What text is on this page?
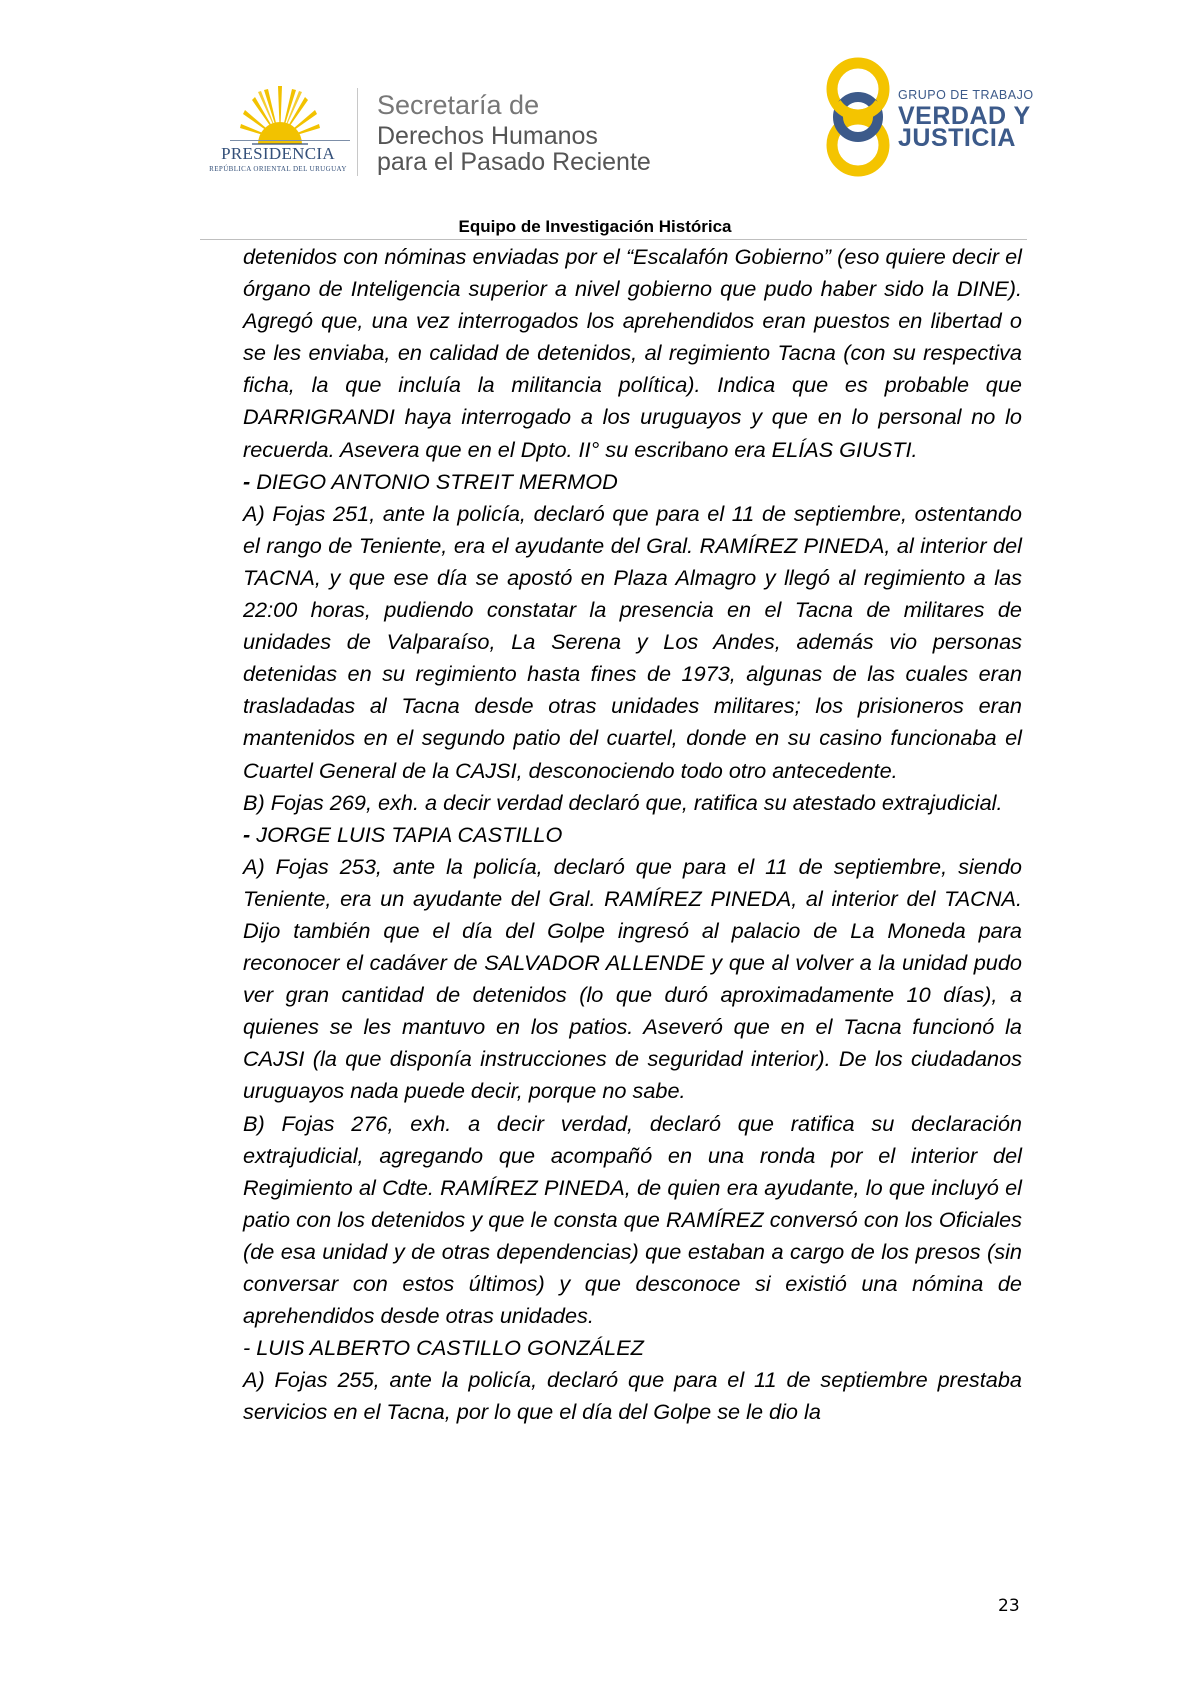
PRESIDENCIA
REPÚBLICA ORIENTAL DEL URUGUAY
Secretaría de
Derechos Humanos
para el Pasado Reciente
GRUPO DE TRABAJO
VERDAD Y
JUSTICIA
Equipo de Investigación Histórica

detenidos con nóminas enviadas por el “Escalafón Gobierno” (eso quiere decir el órgano de Inteligencia superior a nivel gobierno que pudo haber sido la DINE). Agregó que, una vez interrogados los aprehendidos eran puestos en libertad o se les enviaba, en calidad de detenidos, al regimiento Tacna (con su respectiva ficha, la que incluía la militancia política). Indica que es probable que DARRIGRANDI haya interrogado a los uruguayos y que en lo personal no lo recuerda. Asevera que en el Dpto. II° su escribano era ELÍAS GIUSTI.

- DIEGO ANTONIO STREIT MERMOD

A) Fojas 251, ante la policía, declaró que para el 11 de septiembre, ostentando el rango de Teniente, era el ayudante del Gral. RAMÍREZ PINEDA, al interior del TACNA, y que ese día se apostó en Plaza Almagro y llegó al regimiento a las 22:00 horas, pudiendo constatar la presencia en el Tacna de militares de unidades de Valparaíso, La Serena y Los Andes, además vio personas detenidas en su regimiento hasta fines de 1973, algunas de las cuales eran trasladadas al Tacna desde otras unidades militares; los prisioneros eran mantenidos en el segundo patio del cuartel, donde en su casino funcionaba el Cuartel General de la CAJSI, desconociendo todo otro antecedente.

B) Fojas 269, exh. a decir verdad declaró que, ratifica su atestado extrajudicial.

- JORGE LUIS TAPIA CASTILLO

A) Fojas 253, ante la policía, declaró que para el 11 de septiembre, siendo Teniente, era un ayudante del Gral. RAMÍREZ PINEDA, al interior del TACNA. Dijo también que el día del Golpe ingresó al palacio de La Moneda para reconocer el cadáver de SALVADOR ALLENDE y que al volver a la unidad pudo ver gran cantidad de detenidos (lo que duró aproximadamente 10 días), a quienes se les mantuvo en los patios. Aseveró que en el Tacna funcionó la CAJSI (la que disponía instrucciones de seguridad interior). De los ciudadanos uruguayos nada puede decir, porque no sabe.

B) Fojas 276, exh. a decir verdad, declaró que ratifica su declaración extrajudicial, agregando que acompañó en una ronda por el interior del Regimiento al Cdte. RAMÍREZ PINEDA, de quien era ayudante, lo que incluyó el patio con los detenidos y que le consta que RAMÍREZ conversó con los Oficiales (de esa unidad y de otras dependencias) que estaban a cargo de los presos (sin conversar con estos últimos) y que desconoce si existió una nómina de aprehendidos desde otras unidades.

- LUIS ALBERTO CASTILLO GONZÁLEZ

A) Fojas 255, ante la policía, declaró que para el 11 de septiembre prestaba servicios en el Tacna, por lo que el día del Golpe se le dio la

23
